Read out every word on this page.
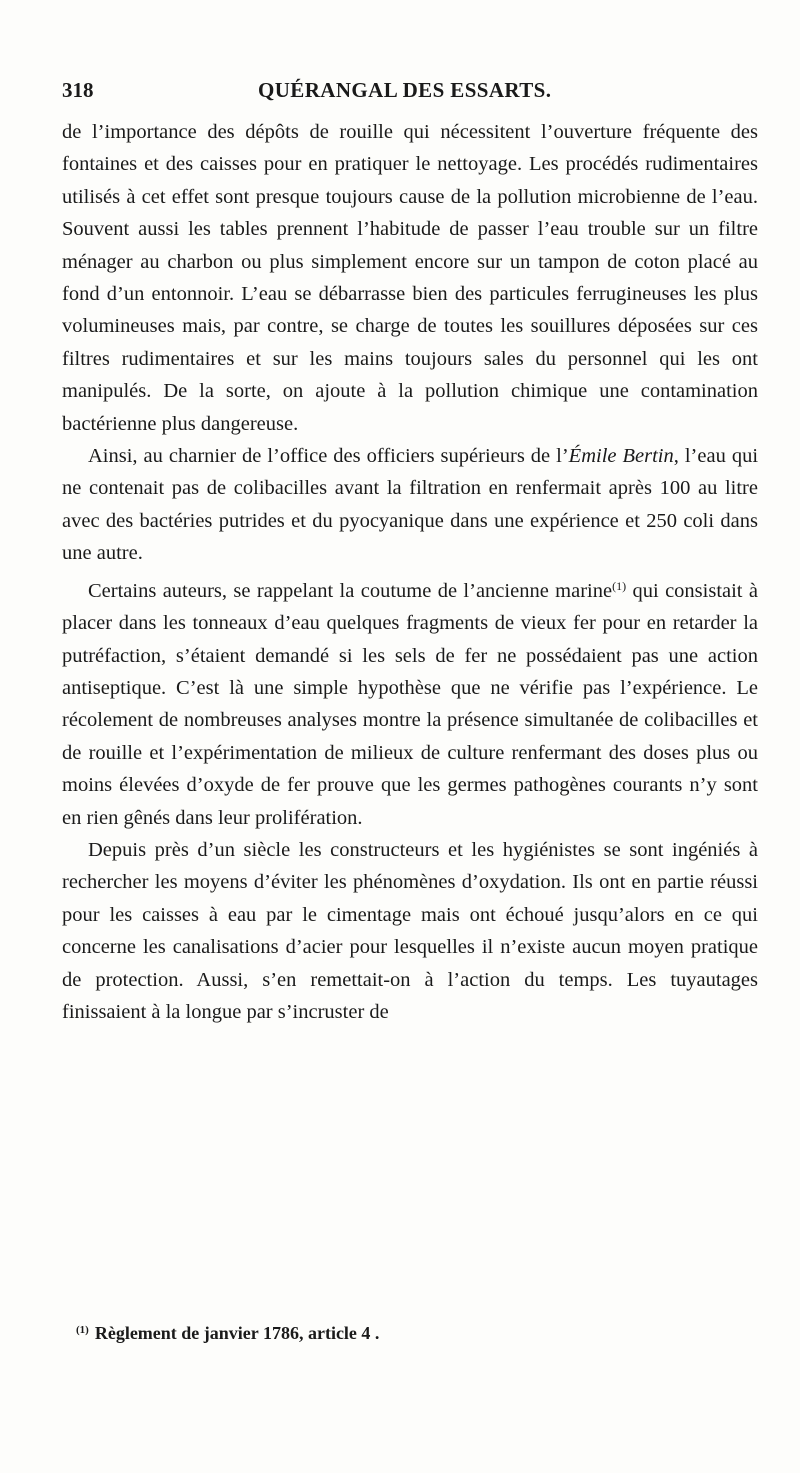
318	QUÉRANGAL DES ESSARTS.

de l’importance des dépôts de rouille qui nécessitent l’ouverture fréquente des fontaines et des caisses pour en pratiquer le nettoyage. Les procédés rudimentaires utilisés à cet effet sont presque toujours cause de la pollution microbienne de l’eau. Souvent aussi les tables prennent l’habitude de passer l’eau trouble sur un filtre ménager au charbon ou plus simplement encore sur un tampon de coton placé au fond d’un entonnoir. L’eau se débarrasse bien des particules ferrugineuses les plus volumineuses mais, par contre, se charge de toutes les souillures déposées sur ces filtres rudimentaires et sur les mains toujours sales du personnel qui les ont manipulés. De la sorte, on ajoute à la pollution chimique une contamination bactérienne plus dangereuse.

Ainsi, au charnier de l’office des officiers supérieurs de l’Émile Bertin, l’eau qui ne contenait pas de colibacilles avant la filtration en renfermait après 100 au litre avec des bactéries putrides et du pyocyanique dans une expérience et 250 coli dans une autre.

Certains auteurs, se rappelant la coutume de l’ancienne marine$^{(1)}$ qui consistait à placer dans les tonneaux d’eau quelques fragments de vieux fer pour en retarder la putréfaction, s’étaient demandé si les sels de fer ne possédaient pas une action antiseptique. C’est là une simple hypothèse que ne vérifie pas l’expérience. Le récolement de nombreuses analyses montre la présence simultanée de colibacilles et de rouille et l’expérimentation de milieux de culture renfermant des doses plus ou moins élevées d’oxyde de fer prouve que les germes pathogènes courants n’y sont en rien gênés dans leur prolifération.

Depuis près d’un siècle les constructeurs et les hygiénistes se sont ingéniés à rechercher les moyens d’éviter les phénomènes d’oxydation. Ils ont en partie réussi pour les caisses à eau par le cimentage mais ont échoué jusqu’alors en ce qui concerne les canalisations d’acier pour lesquelles il n’existe aucun moyen pratique de protection. Aussi, s’en remettait-on à l’action du temps. Les tuyautages finissaient à la longue par s’incruster de

$^{(1)}$ Règlement de janvier 1786, article 4 .
